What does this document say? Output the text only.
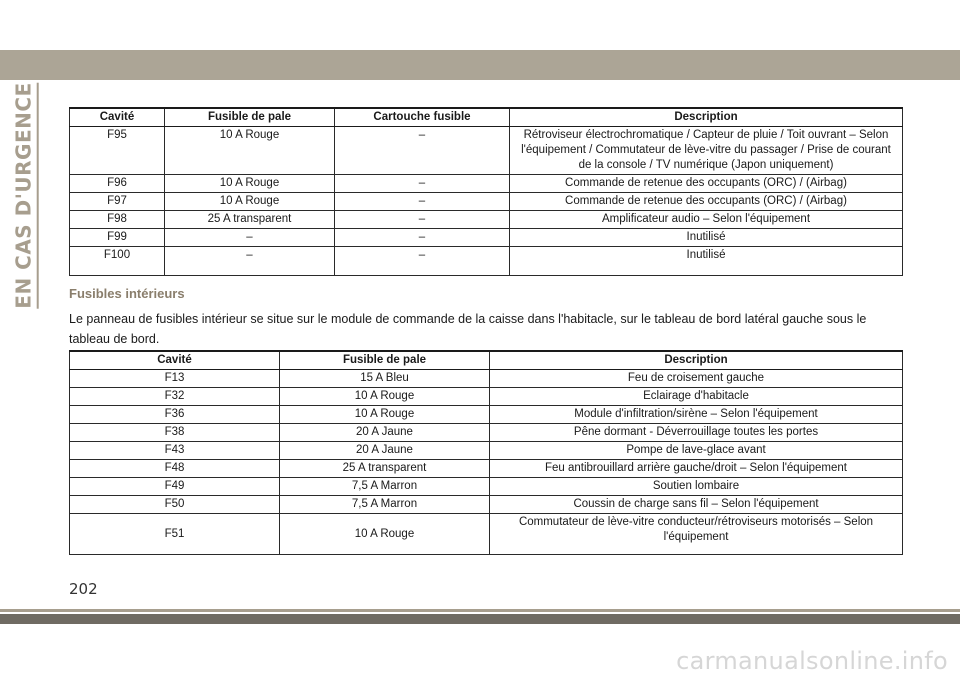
EN CAS D'URGENCE	Cavité	Fusible de pale	Cartouche fusible	Description
F95	10 A Rouge	–	Rétroviseur électrochromatique / Capteur de pluie / Toit ouvrant – Selon l'équipement / Commutateur de lève-vitre du passager / Prise de courant de la console / TV numérique (Japon uniquement)
F96	10 A Rouge	–	Commande de retenue des occupants (ORC) / (Airbag)
F97	10 A Rouge	–	Commande de retenue des occupants (ORC) / (Airbag)
F98	25 A transparent	–	Amplificateur audio – Selon l'équipement
F99	–	–	Inutilisé
F100	–	–	Inutilisé
Fusibles intérieurs

Le panneau de fusibles intérieur se situe sur le module de commande de la caisse dans l'habitacle, sur le tableau de bord latéral gauche sous le tableau de bord.

Cavité	Fusible de pale	Description
F13	15 A Bleu	Feu de croisement gauche
F32	10 A Rouge	Eclairage d'habitacle
F36	10 A Rouge	Module d'infiltration/sirène – Selon l'équipement
F38	20 A Jaune	Pêne dormant - Déverrouillage toutes les portes
F43	20 A Jaune	Pompe de lave-glace avant
F48	25 A transparent	Feu antibrouillard arrière gauche/droit – Selon l'équipement
F49	7,5 A Marron	Soutien lombaire
F50	7,5 A Marron	Coussin de charge sans fil – Selon l'équipement
F51	10 A Rouge	Commutateur de lève-vitre conducteur/rétroviseurs motorisés – Selon l'équipement
202
carmanualsonline.info
